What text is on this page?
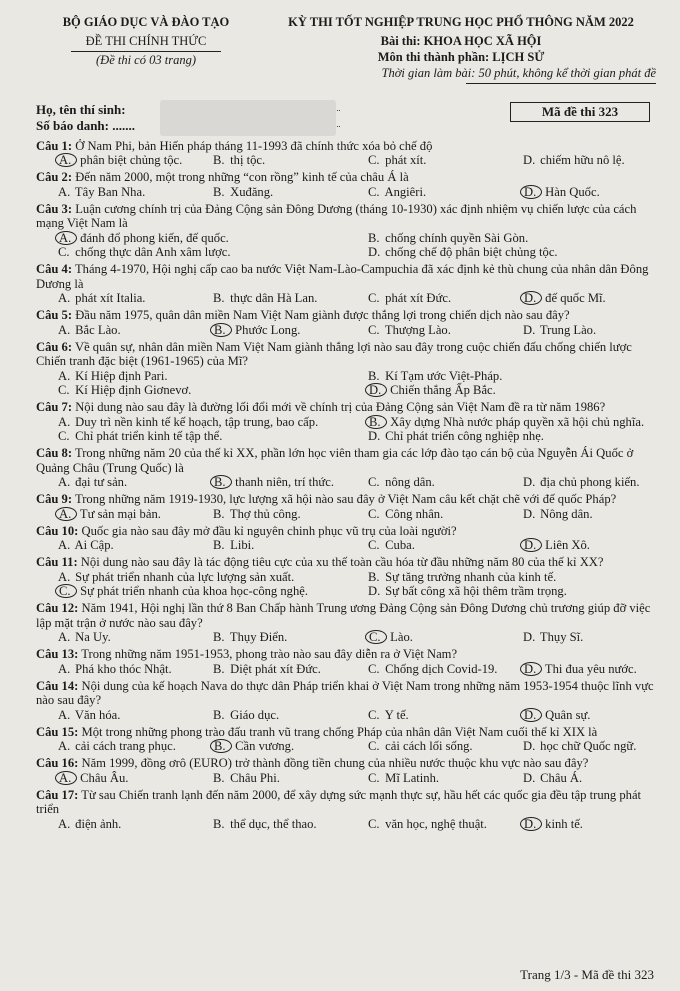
BỘ GIÁO DỤC VÀ ĐÀO TẠO
ĐỀ THI CHÍNH THỨC
(Đề thi có 03 trang)
KỲ THI TỐT NGHIỆP TRUNG HỌC PHỔ THÔNG NĂM 2022
Bài thi: KHOA HỌC XÃ HỘI
Môn thi thành phần: LỊCH SỬ
Thời gian làm bài: 50 phút, không kể thời gian phát đề
Họ, tên thí sinh:
Số báo danh: .......
Mã đề thi 323
Câu 1: Ở Nam Phi, bản Hiến pháp tháng 11-1993 đã chính thức xóa bỏ chế độ
A. phân biệt chủng tộc.	B. thị tộc.	C. phát xít.	D. chiếm hữu nô lệ.
Câu 2: Đến năm 2000, một trong những “con rồng” kinh tế của châu Á là
A. Tây Ban Nha.	B. Xuđăng.	C. Angiêri.	D. Hàn Quốc.
Câu 3: Luận cương chính trị của Đảng Cộng sản Đông Dương (tháng 10-1930) xác định nhiệm vụ chiến lược của cách mạng Việt Nam là
A. đánh đổ phong kiến, đế quốc.	B. chống chính quyền Sài Gòn.
C. chống thực dân Anh xâm lược.	D. chống chế độ phân biệt chủng tộc.
Câu 4: Tháng 4-1970, Hội nghị cấp cao ba nước Việt Nam-Lào-Campuchia đã xác định kẻ thù chung của nhân dân Đông Dương là
A. phát xít Italia.	B. thực dân Hà Lan.	C. phát xít Đức.	D. đế quốc Mĩ.
Câu 5: Đầu năm 1975, quân dân miền Nam Việt Nam giành được thắng lợi trong chiến dịch nào sau đây?
A. Bắc Lào.	B. Phước Long.	C. Thượng Lào.	D. Trung Lào.
Câu 6: Về quân sự, nhân dân miền Nam Việt Nam giành thắng lợi nào sau đây trong cuộc chiến đấu chống chiến lược Chiến tranh đặc biệt (1961-1965) của Mĩ?
A. Kí Hiệp định Pari.	B. Kí Tạm ước Việt-Pháp.
C. Kí Hiệp định Giơnevơ.	D. Chiến thắng Ấp Bắc.
Câu 7: Nội dung nào sau đây là đường lối đổi mới về chính trị của Đảng Cộng sản Việt Nam đề ra từ năm 1986?
A. Duy trì nền kinh tế kế hoạch, tập trung, bao cấp.	B. Xây dựng Nhà nước pháp quyền xã hội chủ nghĩa.
C. Chỉ phát triển kinh tế tập thể.	D. Chỉ phát triển công nghiệp nhẹ.
Câu 8: Trong những năm 20 của thế kỉ XX, phần lớn học viên tham gia các lớp đào tạo cán bộ của Nguyễn Ái Quốc ở Quảng Châu (Trung Quốc) là
A. đại tư sản.	B. thanh niên, trí thức.	C. nông dân.	D. địa chủ phong kiến.
Câu 9: Trong những năm 1919-1930, lực lượng xã hội nào sau đây ở Việt Nam câu kết chặt chẽ với đế quốc Pháp?
A. Tư sản mại bản.	B. Thợ thủ công.	C. Công nhân.	D. Nông dân.
Câu 10: Quốc gia nào sau đây mở đầu kỉ nguyên chinh phục vũ trụ của loài người?
A. Ai Cập.	B. Libi.	C. Cuba.	D. Liên Xô.
Câu 11: Nội dung nào sau đây là tác động tiêu cực của xu thế toàn cầu hóa từ đầu những năm 80 của thế kỉ XX?
A. Sự phát triển nhanh của lực lượng sản xuất.	B. Sự tăng trưởng nhanh của kinh tế.
C. Sự phát triển nhanh của khoa học-công nghệ.	D. Sự bất công xã hội thêm trầm trọng.
Câu 12: Năm 1941, Hội nghị lần thứ 8 Ban Chấp hành Trung ương Đảng Cộng sản Đông Dương chủ trương giúp đỡ việc lập mặt trận ở nước nào sau đây?
A. Na Uy.	B. Thụy Điển.	C. Lào.	D. Thụy Sĩ.
Câu 13: Trong những năm 1951-1953, phong trào nào sau đây diễn ra ở Việt Nam?
A. Phá kho thóc Nhật.	B. Diệt phát xít Đức.	C. Chống dịch Covid-19.	D. Thi đua yêu nước.
Câu 14: Nội dung của kế hoạch Nava do thực dân Pháp triển khai ở Việt Nam trong những năm 1953-1954 thuộc lĩnh vực nào sau đây?
A. Văn hóa.	B. Giáo dục.	C. Y tế.	D. Quân sự.
Câu 15: Một trong những phong trào đấu tranh vũ trang chống Pháp của nhân dân Việt Nam cuối thế kỉ XIX là
A. cải cách trang phục.	B. Cần vương.	C. cải cách lối sống.	D. học chữ Quốc ngữ.
Câu 16: Năm 1999, đồng ơrô (EURO) trở thành đồng tiền chung của nhiều nước thuộc khu vực nào sau đây?
A. Châu Âu.	B. Châu Phi.	C. Mĩ Latinh.	D. Châu Á.
Câu 17: Từ sau Chiến tranh lạnh đến năm 2000, để xây dựng sức mạnh thực sự, hầu hết các quốc gia đều tập trung phát triển
A. điện ảnh.	B. thể dục, thể thao.	C. văn học, nghệ thuật.	D. kinh tế.
Trang 1/3 - Mã đề thi 323
